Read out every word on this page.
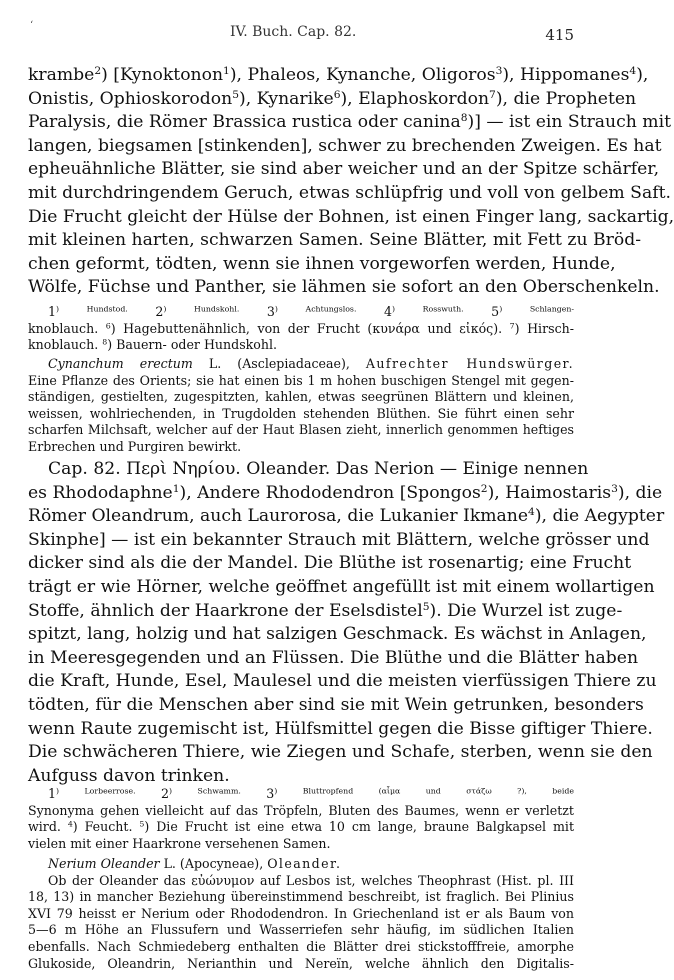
‘	IV. Buch. Cap. 82.	415
krambe$^2$) [Kynoktonon$^1$), Phaleos, Kynanche, Oligoros$^3$), Hippomanes$^4$),
Onistis, Ophioskorodon$^5$), Kynarike$^6$), Elaphoskordon$^7$), die Propheten
Paralysis, die Römer Brassica rustica oder canina$^8$)] — ist ein Strauch mit
langen, biegsamen [stinkenden], schwer zu brechenden Zweigen. Es hat
epheuähnliche Blätter, sie sind aber weicher und an der Spitze schärfer,
mit durchdringendem Geruch, etwas schlüpfrig und voll von gelbem Saft.
Die Frucht gleicht der Hülse der Bohnen, ist einen Finger lang, sackartig,
mit kleinen harten, schwarzen Samen. Seine Blätter, mit Fett zu Bröd-
chen geformt, tödten, wenn sie ihnen vorgeworfen werden, Hunde,
Wölfe, Füchse und Panther, sie lähmen sie sofort an den Oberschenkeln.
$1^{) Hundstod.}$ $2^{) Hundskohl.}$ $3^{) Achtungslos.}$ $4^{) Rosswuth.}$ $5^{) Schlangen-}$
knoblauch. $^6$) Hagebuttenähnlich, von der Frucht (κυνάρα und εἰκός). $^7$) Hirsch-
knoblauch. $^8$) Bauern- oder Hundskohl.
Cynanchum erectum L. (Asclepiadaceae), Aufrechter Hundswürger.
Eine Pflanze des Orients; sie hat einen bis 1 m hohen buschigen Stengel mit gegen-
ständigen, gestielten, zugespitzten, kahlen, etwas seegrünen Blättern und kleinen,
weissen, wohlriechenden, in Trugdolden stehenden Blüthen. Sie führt einen sehr
scharfen Milchsaft, welcher auf der Haut Blasen zieht, innerlich genommen heftiges
Erbrechen und Purgiren bewirkt.
Cap. 82. Περὶ Νηρίου. Oleander. Das Nerion — Einige nennen
es Rhododaphne$^1$), Andere Rhododendron [Spongos$^2$), Haimostaris$^3$), die
Römer Oleandrum, auch Laurorosa, die Lukanier Ikmane$^4$), die Aegypter
Skinphe] — ist ein bekannter Strauch mit Blättern, welche grösser und
dicker sind als die der Mandel. Die Blüthe ist rosenartig; eine Frucht
trägt er wie Hörner, welche geöffnet angefüllt ist mit einem wollartigen
Stoffe, ähnlich der Haarkrone der Eselsdistel$^5$). Die Wurzel ist zuge-
spitzt, lang, holzig und hat salzigen Geschmack. Es wächst in Anlagen,
in Meeresgegenden und an Flüssen. Die Blüthe und die Blätter haben
die Kraft, Hunde, Esel, Maulesel und die meisten vierfüssigen Thiere zu
tödten, für die Menschen aber sind sie mit Wein getrunken, besonders
wenn Raute zugemischt ist, Hülfsmittel gegen die Bisse giftiger Thiere.
Die schwächeren Thiere, wie Ziegen und Schafe, sterben, wenn sie den
Aufguss davon trinken.
$1^{) Lorbeerrose.}$ $2^{) Schwamm.}$ $3^{) Bluttropfend (\alpha ἷ\mu\alpha und \sigma\tau ά\zeta\omega ?), beide}$
Synonyma gehen vielleicht auf das Tröpfeln, Bluten des Baumes, wenn er verletzt
wird. $^4$) Feucht. $^5$) Die Frucht ist eine etwa 10 cm lange, braune Balgkapsel mit
vielen mit einer Haarkrone versehenen Samen.
Nerium Oleander L. (Apocyneae), Oleander.
Ob der Oleander das εὐώνυμον auf Lesbos ist, welches Theophrast (Hist. pl. III
18, 13) in mancher Beziehung übereinstimmend beschreibt, ist fraglich. Bei Plinius
XVI 79 heisst er Nerium oder Rhododendron. In Griechenland ist er als Baum von
5—6 m Höhe an Flussufern und Wasserriefen sehr häufig, im südlichen Italien
ebenfalls. Nach Schmiedeberg enthalten die Blätter drei stickstofffreie, amorphe
Glukoside, Oleandrin, Nerianthin und Nereïn, welche ähnlich den Digitalis-
